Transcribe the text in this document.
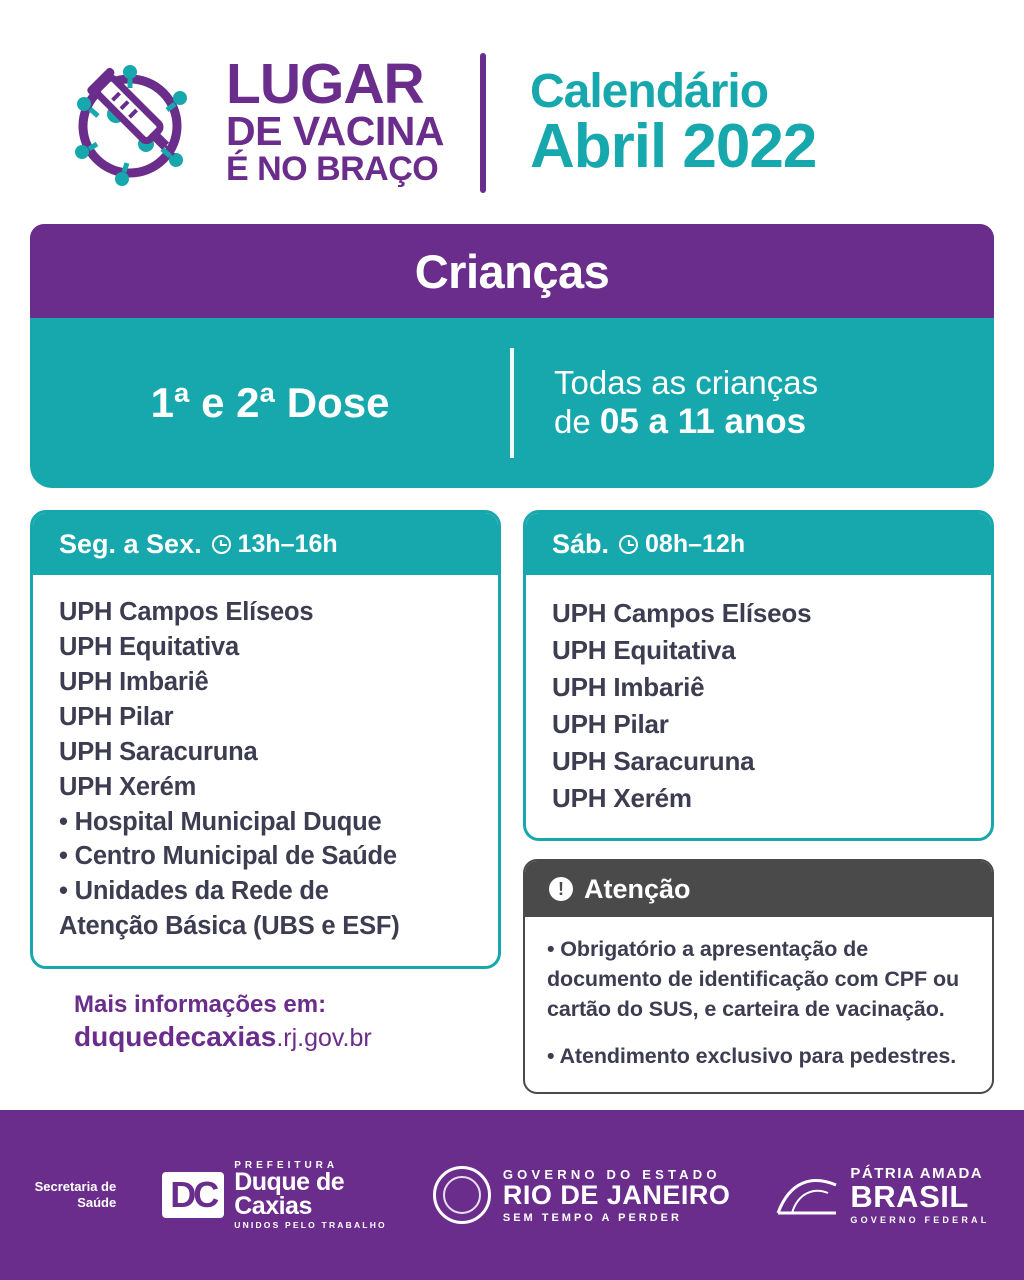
LUGAR
DE VACINA
É NO BRAÇO
Calendário
Abril 2022
Crianças
1ª e 2ª Dose	Todas as crianças
de 05 a 11 anos
Seg. a Sex. 13h–16h
UPH Campos Elíseos
UPH Equitativa
UPH Imbariê
UPH Pilar
UPH Saracuruna
UPH Xerém
• Hospital Municipal Duque
• Centro Municipal de Saúde
• Unidades da Rede de
Atenção Básica (UBS e ESF)
Mais informações em:
duquedecaxias.rj.gov.br
Sáb. 08h–12h
UPH Campos Elíseos
UPH Equitativa
UPH Imbariê
UPH Pilar
UPH Saracuruna
UPH Xerém
! Atenção

• Obrigatório a apresentação de documento de identificação com CPF ou cartão do SUS, e carteira de vacinação.

• Atendimento exclusivo para pedestres.

Secretaria de
Saúde DC
PREFEITURA
Duque de
Caxias
UNIDOS PELO TRABALHO
GOVERNO DO ESTADO
RIO DE JANEIRO
SEM TEMPO A PERDER
PÁTRIA AMADA
BRASIL
GOVERNO FEDERAL
